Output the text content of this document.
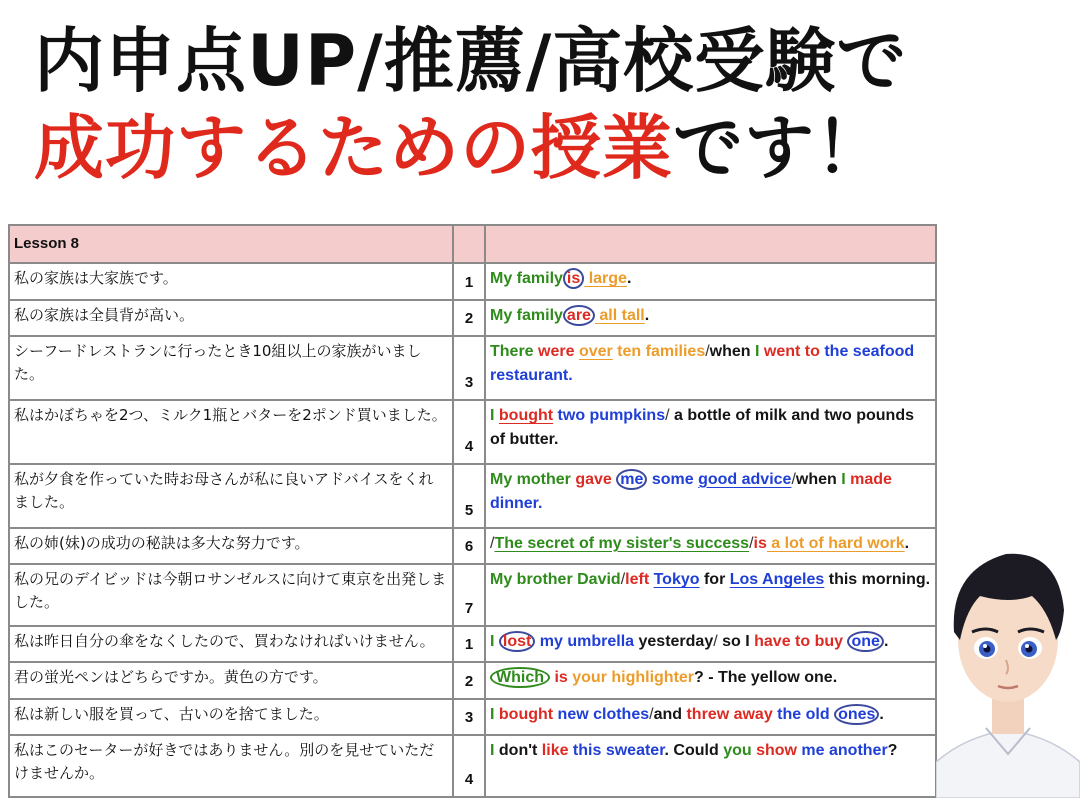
内申点UP/推薦/高校受験で
成功するための授業です！
Lesson 8		
私の家族は大家族です。	1	My family is large.
私の家族は全員背が高い。	2	My family are all tall.
シーフードレストランに行ったとき10組以上の家族がいました。	3	There were over ten families/when I went to the seafood restaurant.
私はかぼちゃを2つ、ミルク1瓶とバターを2ポンド買いました。	4	I bought two pumpkins/ a bottle of milk and two pounds of butter.
私が夕食を作っていた時お母さんが私に良いアドバイスをくれました。	5	My mother gave me some good advice/when I made dinner.
私の姉(妹)の成功の秘訣は多大な努力です。	6	/The secret of my sister's success/is a lot of hard work.
私の兄のデイビッドは今朝ロサンゼルスに向けて東京を出発しました。	7	My brother David/left Tokyo for Los Angeles this morning.
私は昨日自分の傘をなくしたので、買わなければいけません。	1	I lost my umbrella yesterday/ so I have to buy one .
君の蛍光ペンはどちらですか。黄色の方です。	2	Which is your highlighter? - The yellow one.
私は新しい服を買って、古いのを捨てました。	3	I bought new clothes/and threw away the old ones .
私はこのセーターが好きではありません。別のを見せていただけませんか。	4	I don't like this sweater. Could you show me another?
